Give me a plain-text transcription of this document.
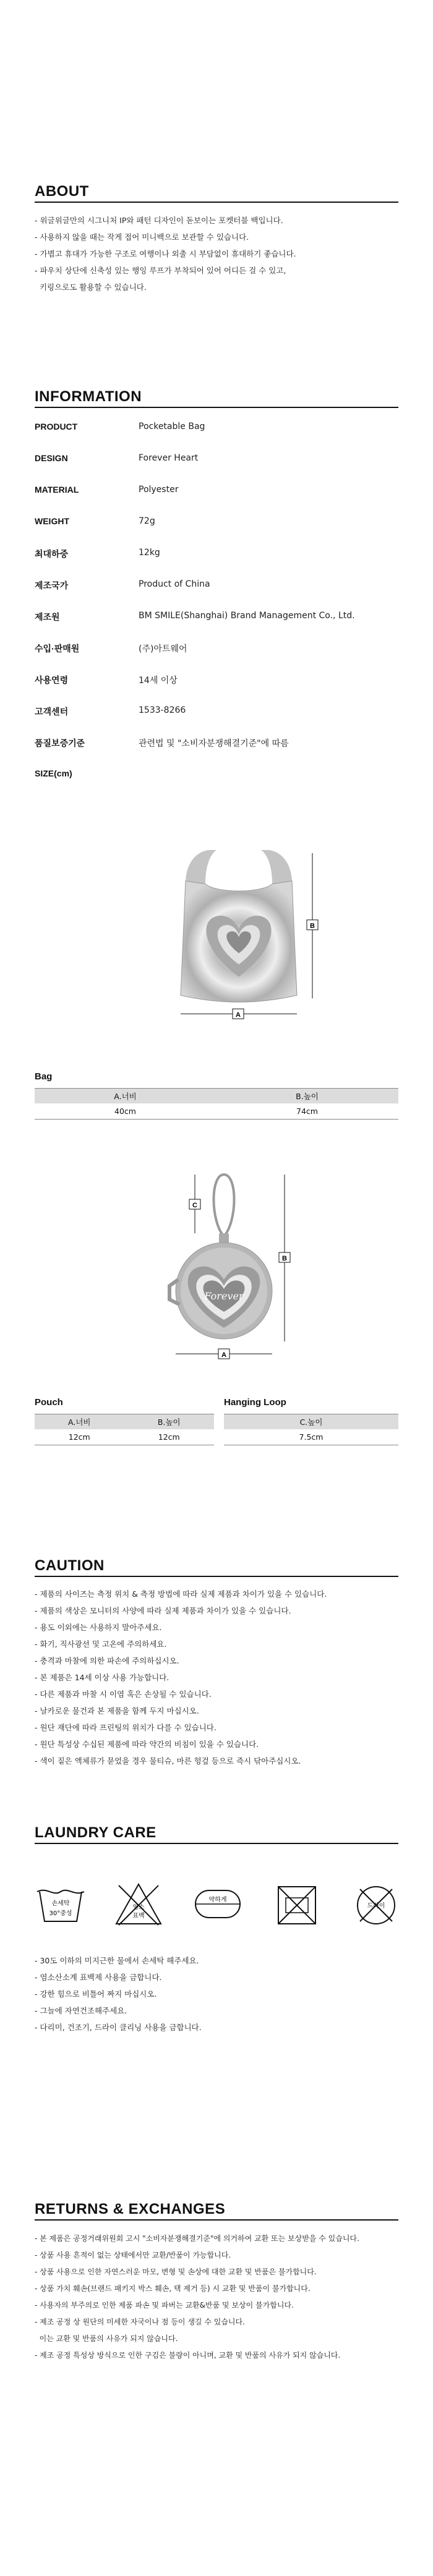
ABOUT
- 위글위글만의 시그니처 IP와 패턴 디자인이 돋보이는 포켓터블 백입니다.
- 사용하지 않을 때는 작게 접어 미니백으로 보관할 수 있습니다.
- 가볍고 휴대가 가능한 구조로 여행이나 외출 시 부담없이 휴대하기 좋습니다.
- 파우치 상단에 신축성 있는 행잉 루프가 부착되어 있어 어디든 걸 수 있고,
키링으로도 활용할 수 있습니다.
INFORMATION
PRODUCT	Pocketable Bag
DESIGN	Forever Heart
MATERIAL	Polyester
WEIGHT	72g
최대하중	12kg
제조국가	Product of China
제조원	BM SMILE(Shanghai) Brand Management Co., Ltd.
수입·판매원	(주)아트웨어
사용연령	14세 이상
고객센터	1533-8266
품질보증기준	관련법 및 "소비자분쟁해결기준"에 따름
SIZE(cm)
A
B
Bag
A.너비	B.높이
40cm	74cm
Forever
C
B
A
Pouch
A.너비	B.높이
12cm	12cm
Hanging Loop
C.높이
7.5cm
CAUTION
- 제품의 사이즈는 측정 위치 & 측정 방법에 따라 실제 제품과 차이가 있을 수 있습니다.
- 제품의 색상은 모니터의 사양에 따라 실제 제품과 차이가 있을 수 있습니다.
- 용도 이외에는 사용하지 말아주세요.
- 화기, 직사광선 및 고온에 주의하세요.
- 충격과 마찰에 의한 파손에 주의하십시오.
- 본 제품은 14세 이상 사용 가능합니다.
- 다른 제품과 마찰 시 이염 혹은 손상될 수 있습니다.
- 날카로운 물건과 본 제품을 함께 두지 마십시오.
- 원단 재단에 따라 프린팅의 위치가 다를 수 있습니다.
- 원단 특성상 수십된 제품에 따라 약간의 비침이 있을 수 있습니다.
- 색이 짙은 액체류가 묻었을 경우 물티슈, 마른 헝겊 등으로 즉시 닦아주십시오.
LAUNDRY CARE
손세탁
30°중성
염소
표백
약하게
드라이
- 30도 이하의 미지근한 물에서 손세탁 해주세요.
- 염소산소계 표백제 사용을 금합니다.
- 강한 힘으로 비틀어 짜지 마십시오.
- 그늘에 자연건조해주세요.
- 다리미, 건조기, 드라이 클리닝 사용을 금합니다.
RETURNS & EXCHANGES
- 본 제품은 공정거래위원회 고시 "소비자분쟁해결기준"에 의거하여 교환 또는 보상받을 수 있습니다.
- 상품 사용 흔적이 없는 상태에서만 교환/반품이 가능합니다.
- 상품 사용으로 인한 자연스러운 마모, 변형 및 손상에 대한 교환 및 반품은 불가합니다.
- 상품 가치 훼손(브랜드 패키지 박스 훼손, 택 제거 등) 시 교환 및 반품이 불가합니다.
- 사용자의 부주의로 인한 제품 파손 및 파버는 교환&반품 및 보상이 불가합니다.
- 제조 공정 상 원단의 미세한 자국이나 점 등이 생길 수 있습니다.
이는 교환 및 반품의 사유가 되지 않습니다.
- 제조 공정 특성상 방식으로 인한 구김은 불량이 아니며, 교환 및 반품의 사유가 되지 않습니다.
